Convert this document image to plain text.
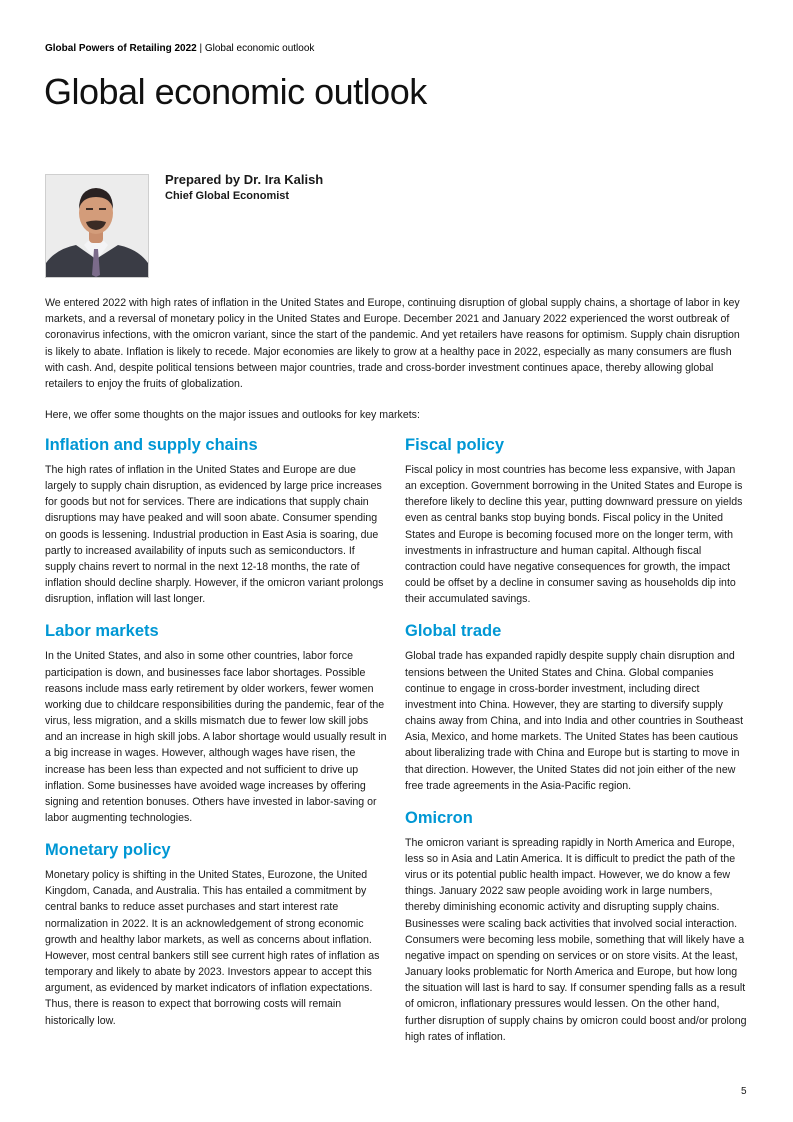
Global Powers of Retailing 2022 | Global economic outlook
Global economic outlook
Prepared by Dr. Ira Kalish
Chief Global Economist

We entered 2022 with high rates of inflation in the United States and Europe, continuing disruption of global supply chains, a shortage of labor in key markets, and a reversal of monetary policy in the United States and Europe. December 2021 and January 2022 experienced the worst outbreak of coronavirus infections, with the omicron variant, since the start of the pandemic. And yet retailers have reasons for optimism. Supply chain disruption is likely to abate. Inflation is likely to recede. Major economies are likely to grow at a healthy pace in 2022, especially as many consumers are flush with cash. And, despite political tensions between major countries, trade and cross-border investment continues apace, thereby allowing global retailers to enjoy the fruits of globalization.

Here, we offer some thoughts on the major issues and outlooks for key markets:

Inflation and supply chains

The high rates of inflation in the United States and Europe are due largely to supply chain disruption, as evidenced by large price increases for goods but not for services. There are indications that supply chain disruptions may have peaked and will soon abate. Consumer spending on goods is lessening. Industrial production in East Asia is soaring, due partly to increased availability of inputs such as semiconductors. If supply chains revert to normal in the next 12-18 months, the rate of inflation should decline sharply. However, if the omicron variant prolongs disruption, inflation will last longer.

Labor markets

In the United States, and also in some other countries, labor force participation is down, and businesses face labor shortages. Possible reasons include mass early retirement by older workers, fewer women working due to childcare responsibilities during the pandemic, fear of the virus, less migration, and a skills mismatch due to fewer low skill jobs and an increase in high skill jobs. A labor shortage would usually result in a big increase in wages. However, although wages have risen, the increase has been less than expected and not sufficient to drive up inflation. Some businesses have avoided wage increases by offering signing and retention bonuses. Others have invested in labor-saving or labor augmenting technologies.

Monetary policy

Monetary policy is shifting in the United States, Eurozone, the United Kingdom, Canada, and Australia. This has entailed a commitment by central banks to reduce asset purchases and start interest rate normalization in 2022. It is an acknowledgement of strong economic growth and healthy labor markets, as well as concerns about inflation. However, most central bankers still see current high rates of inflation as temporary and likely to abate by 2023. Investors appear to accept this argument, as evidenced by market indicators of inflation expectations. Thus, there is reason to expect that borrowing costs will remain historically low.

Fiscal policy

Fiscal policy in most countries has become less expansive, with Japan an exception. Government borrowing in the United States and Europe is therefore likely to decline this year, putting downward pressure on yields even as central banks stop buying bonds. Fiscal policy in the United States and Europe is becoming focused more on the longer term, with investments in infrastructure and human capital. Although fiscal contraction could have negative consequences for growth, the impact could be offset by a decline in consumer saving as households dip into their accumulated savings.

Global trade

Global trade has expanded rapidly despite supply chain disruption and tensions between the United States and China. Global companies continue to engage in cross-border investment, including direct investment into China. However, they are starting to diversify supply chains away from China, and into India and other countries in Southeast Asia, Mexico, and home markets. The United States has been cautious about liberalizing trade with China and Europe but is starting to move in that direction. However, the United States did not join either of the new free trade agreements in the Asia-Pacific region.

Omicron

The omicron variant is spreading rapidly in North America and Europe, less so in Asia and Latin America. It is difficult to predict the path of the virus or its potential public health impact. However, we do know a few things. January 2022 saw people avoiding work in large numbers, thereby diminishing economic activity and disrupting supply chains. Businesses were scaling back activities that involved social interaction. Consumers were becoming less mobile, something that will likely have a negative impact on spending on services or on store visits. At the least, January looks problematic for North America and Europe, but how long the situation will last is hard to say. If consumer spending falls as a result of omicron, inflationary pressures would lessen. On the other hand, further disruption of supply chains by omicron could boost and/or prolong high rates of inflation.

5
